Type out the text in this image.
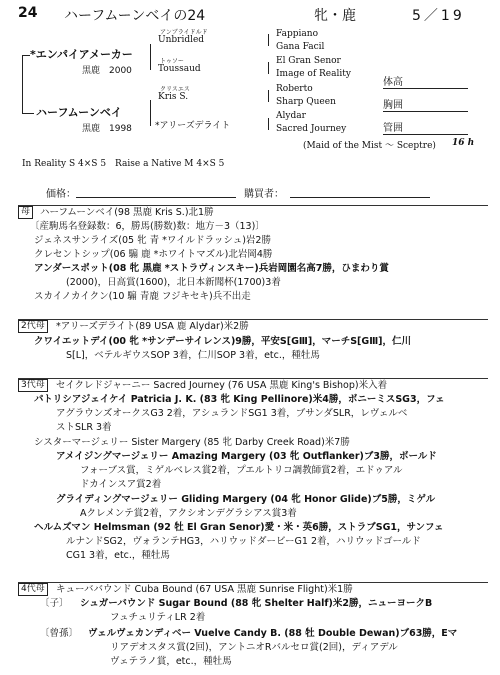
24 ハーフムーンベイの24	牝・鹿	5／19
*エンパイアメーカー
黒鹿　2000
ハーフムーンベイ
黒鹿　1998
アンブライドルド
Unbridled
トゥソー
Toussaud
クリスエス
Kris S.
*アリーズデライト
Fappiano
Gana Facil
El Gran Senor
Image of Reality
Roberto
Sharp Queen
Alydar
Sacred Journey
(Maid of the Mist ～ Sceptre) 16 h
体高
胸囲
管囲
In Reality S 4×S 5　Raise a Native M 4×S 5
価格：	購買者：
母	ハーフムーンベイ(98 黒鹿 Kris S.)北1勝
〔産駒馬名登録数：6，勝馬(勝数)数：地方－3（13)〕
ジェネスサンライズ(05 牝 青 *ワイルドラッシュ)岩2勝
クレセントシップ(06 騸 鹿 *ホワイトマズル)北岩岡4勝
アンダースポット(08 牝 黒鹿 *ストラヴィンスキー)兵岩岡園名高7勝，ひまわり賞
(2000)，日高賞(1600)，北日本新聞杯(1700)3着
スカイノカイクン(10 騸 青鹿 フジキセキ)兵不出走
2代母	*アリーズデライト(89 USA 鹿 Alydar)米2勝
クワイエットデイ(00 牝 *サンデーサイレンス)9勝，平安S[GⅢ]，マーチS[GⅢ]，仁川
S[L]，ベテルギウスSOP 3着，仁川SOP 3着，etc.，種牡馬
3代母	セイクレドジャーニー Sacred Journey (76 USA 黒鹿 King's Bishop)米入着
パトリシアジェイケイ Patricia J. K. (83 牝 King Pellinore)米4勝，ボニーミスSG3，フェ
アグラウンズオークスG3 2着，アシュランドSG1 3着，ブサンダSLR，レヴェルベ
ストSLR 3着
シスターマージェリー Sister Margery (85 牝 Darby Creek Road)米7勝
アメイジングマージェリー Amazing Margery (03 牝 Outflanker)ブ3勝，ボールド
フォーブス賞，ミゲルベレス賞2着，プエルトリコ調教師賞2着，エドゥアル
ドカインスア賞2着
グライディングマージェリー Gliding Margery (04 牝 Honor Glide)ブ5勝，ミゲル
Aクレメンテ賞2着，アクシオンデグラシアス賞3着
ヘルムズマン Helmsman (92 牡 El Gran Senor)愛・米・英6勝，ストラブSG1，サンフェ
ルナンドSG2，ヴォランテHG3，ハリウッドダービーG1 2着，ハリウッドゴールド
CG1 3着，etc.，種牡馬
4代母	キューババウンド Cuba Bound (67 USA 黒鹿 Sunrise Flight)米1勝
〔子〕 シュガーバウンド Sugar Bound (88 牝 Shelter Half)米2勝，ニューヨークB
フュチュリティLR 2着
〔曾孫〕 ヴェルヴェカンディベー Vuelve Candy B. (88 牡 Double Dewan)ブ63勝，Eマ
リアデオスタス賞(2回)，アントニオRバルセロ賞(2回)，ディアデル
ヴェテラノ賞，etc.，種牡馬
